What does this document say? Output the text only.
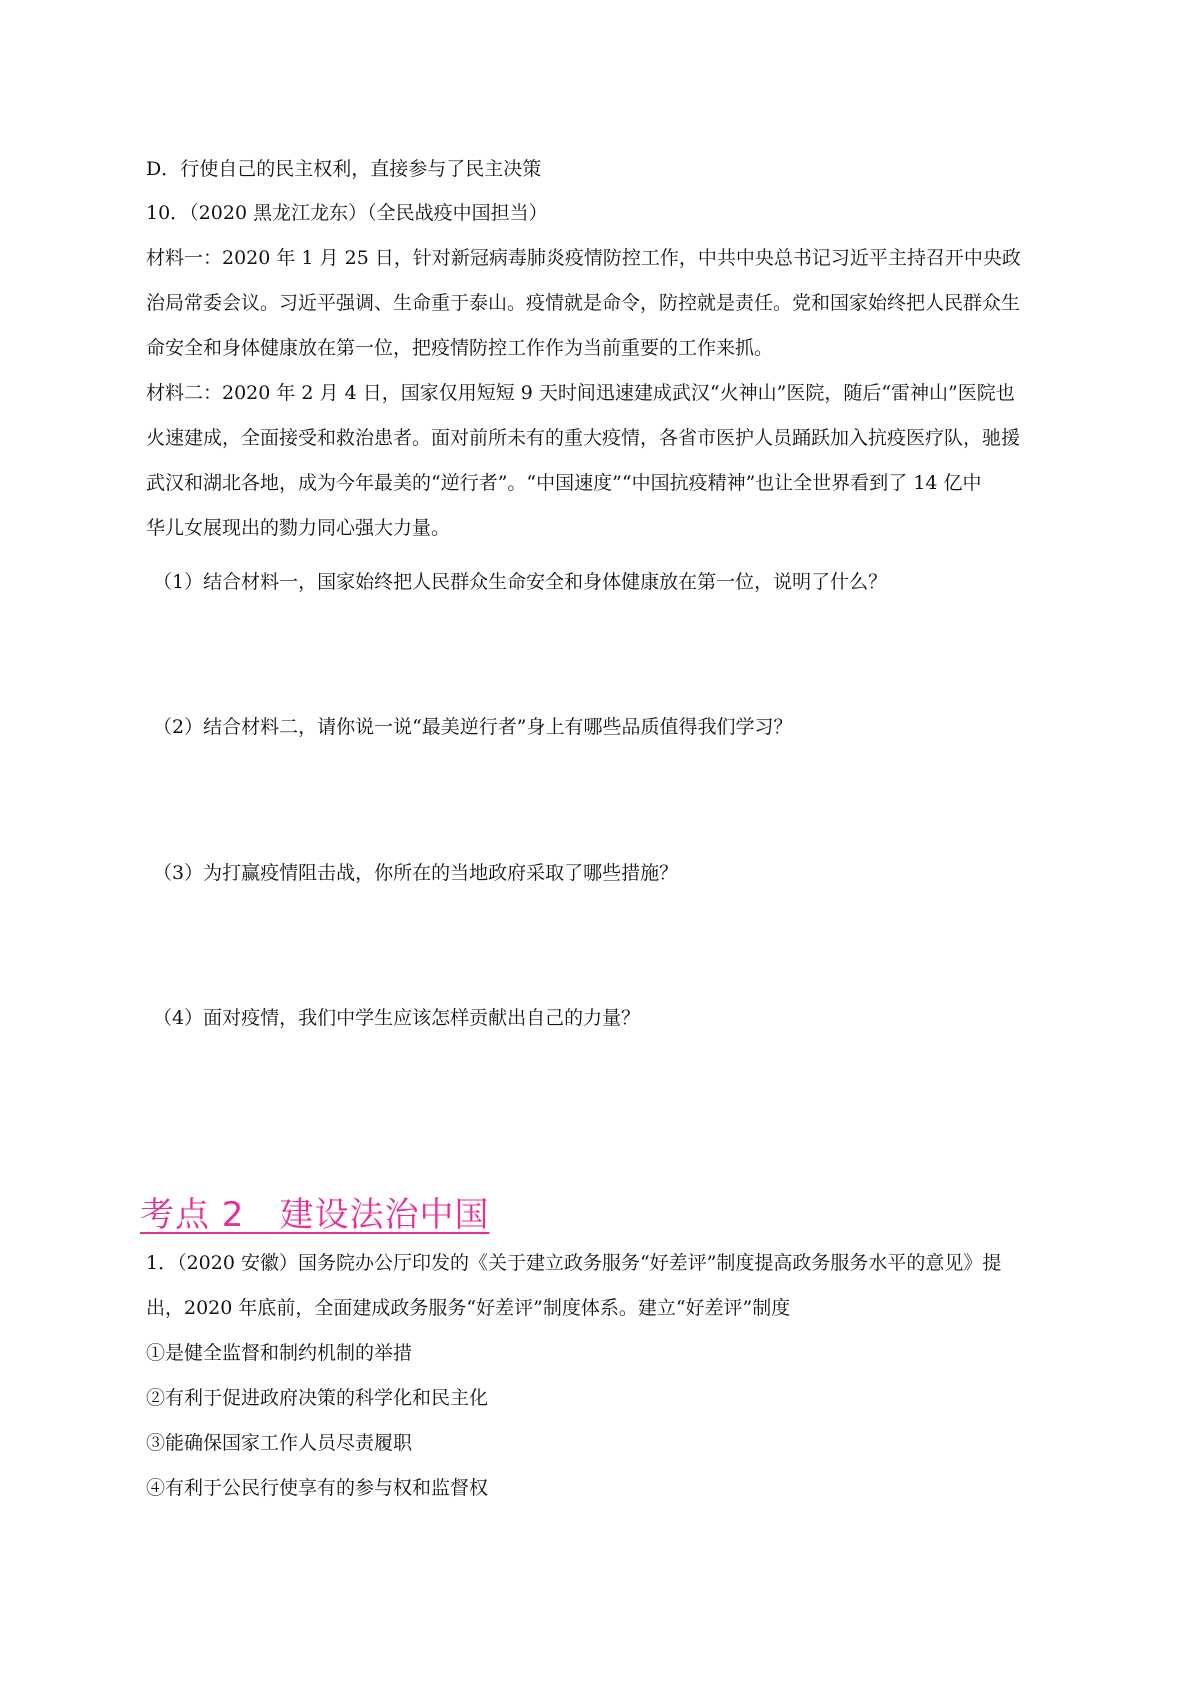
D．行使自己的民主权利，直接参与了民主决策
10．（2020 黑龙江龙东）（全民战疫中国担当）
材料一：2020 年 1 月 25 日，针对新冠病毒肺炎疫情防控工作，中共中央总书记习近平主持召开中央政
治局常委会议。习近平强调、生命重于泰山。疫情就是命令，防控就是责任。党和国家始终把人民群众生
命安全和身体健康放在第一位，把疫情防控工作作为当前重要的工作来抓。
材料二：2020 年 2 月 4 日，国家仅用短短 9 天时间迅速建成武汉“火神山”医院，随后“雷神山”医院也
火速建成，全面接受和救治患者。面对前所未有的重大疫情，各省市医护人员踊跃加入抗疫医疗队，驰援
武汉和湖北各地，成为今年最美的“逆行者”。“中国速度”“中国抗疫精神”也让全世界看到了 14 亿中
华儿女展现出的勠力同心强大力量。
（1）结合材料一，国家始终把人民群众生命安全和身体健康放在第一位，说明了什么？
（2）结合材料二，请你说一说“最美逆行者”身上有哪些品质值得我们学习？
（3）为打赢疫情阻击战，你所在的当地政府采取了哪些措施？
（4）面对疫情，我们中学生应该怎样贡献出自己的力量？
考点 2　建设法治中国
1．（2020 安徽）国务院办公厅印发的《关于建立政务服务“好差评”制度提高政务服务水平的意见》提
出，2020 年底前，全面建成政务服务“好差评”制度体系。建立“好差评”制度
①是健全监督和制约机制的举措
②有利于促进政府决策的科学化和民主化
③能确保国家工作人员尽责履职
④有利于公民行使享有的参与权和监督权
